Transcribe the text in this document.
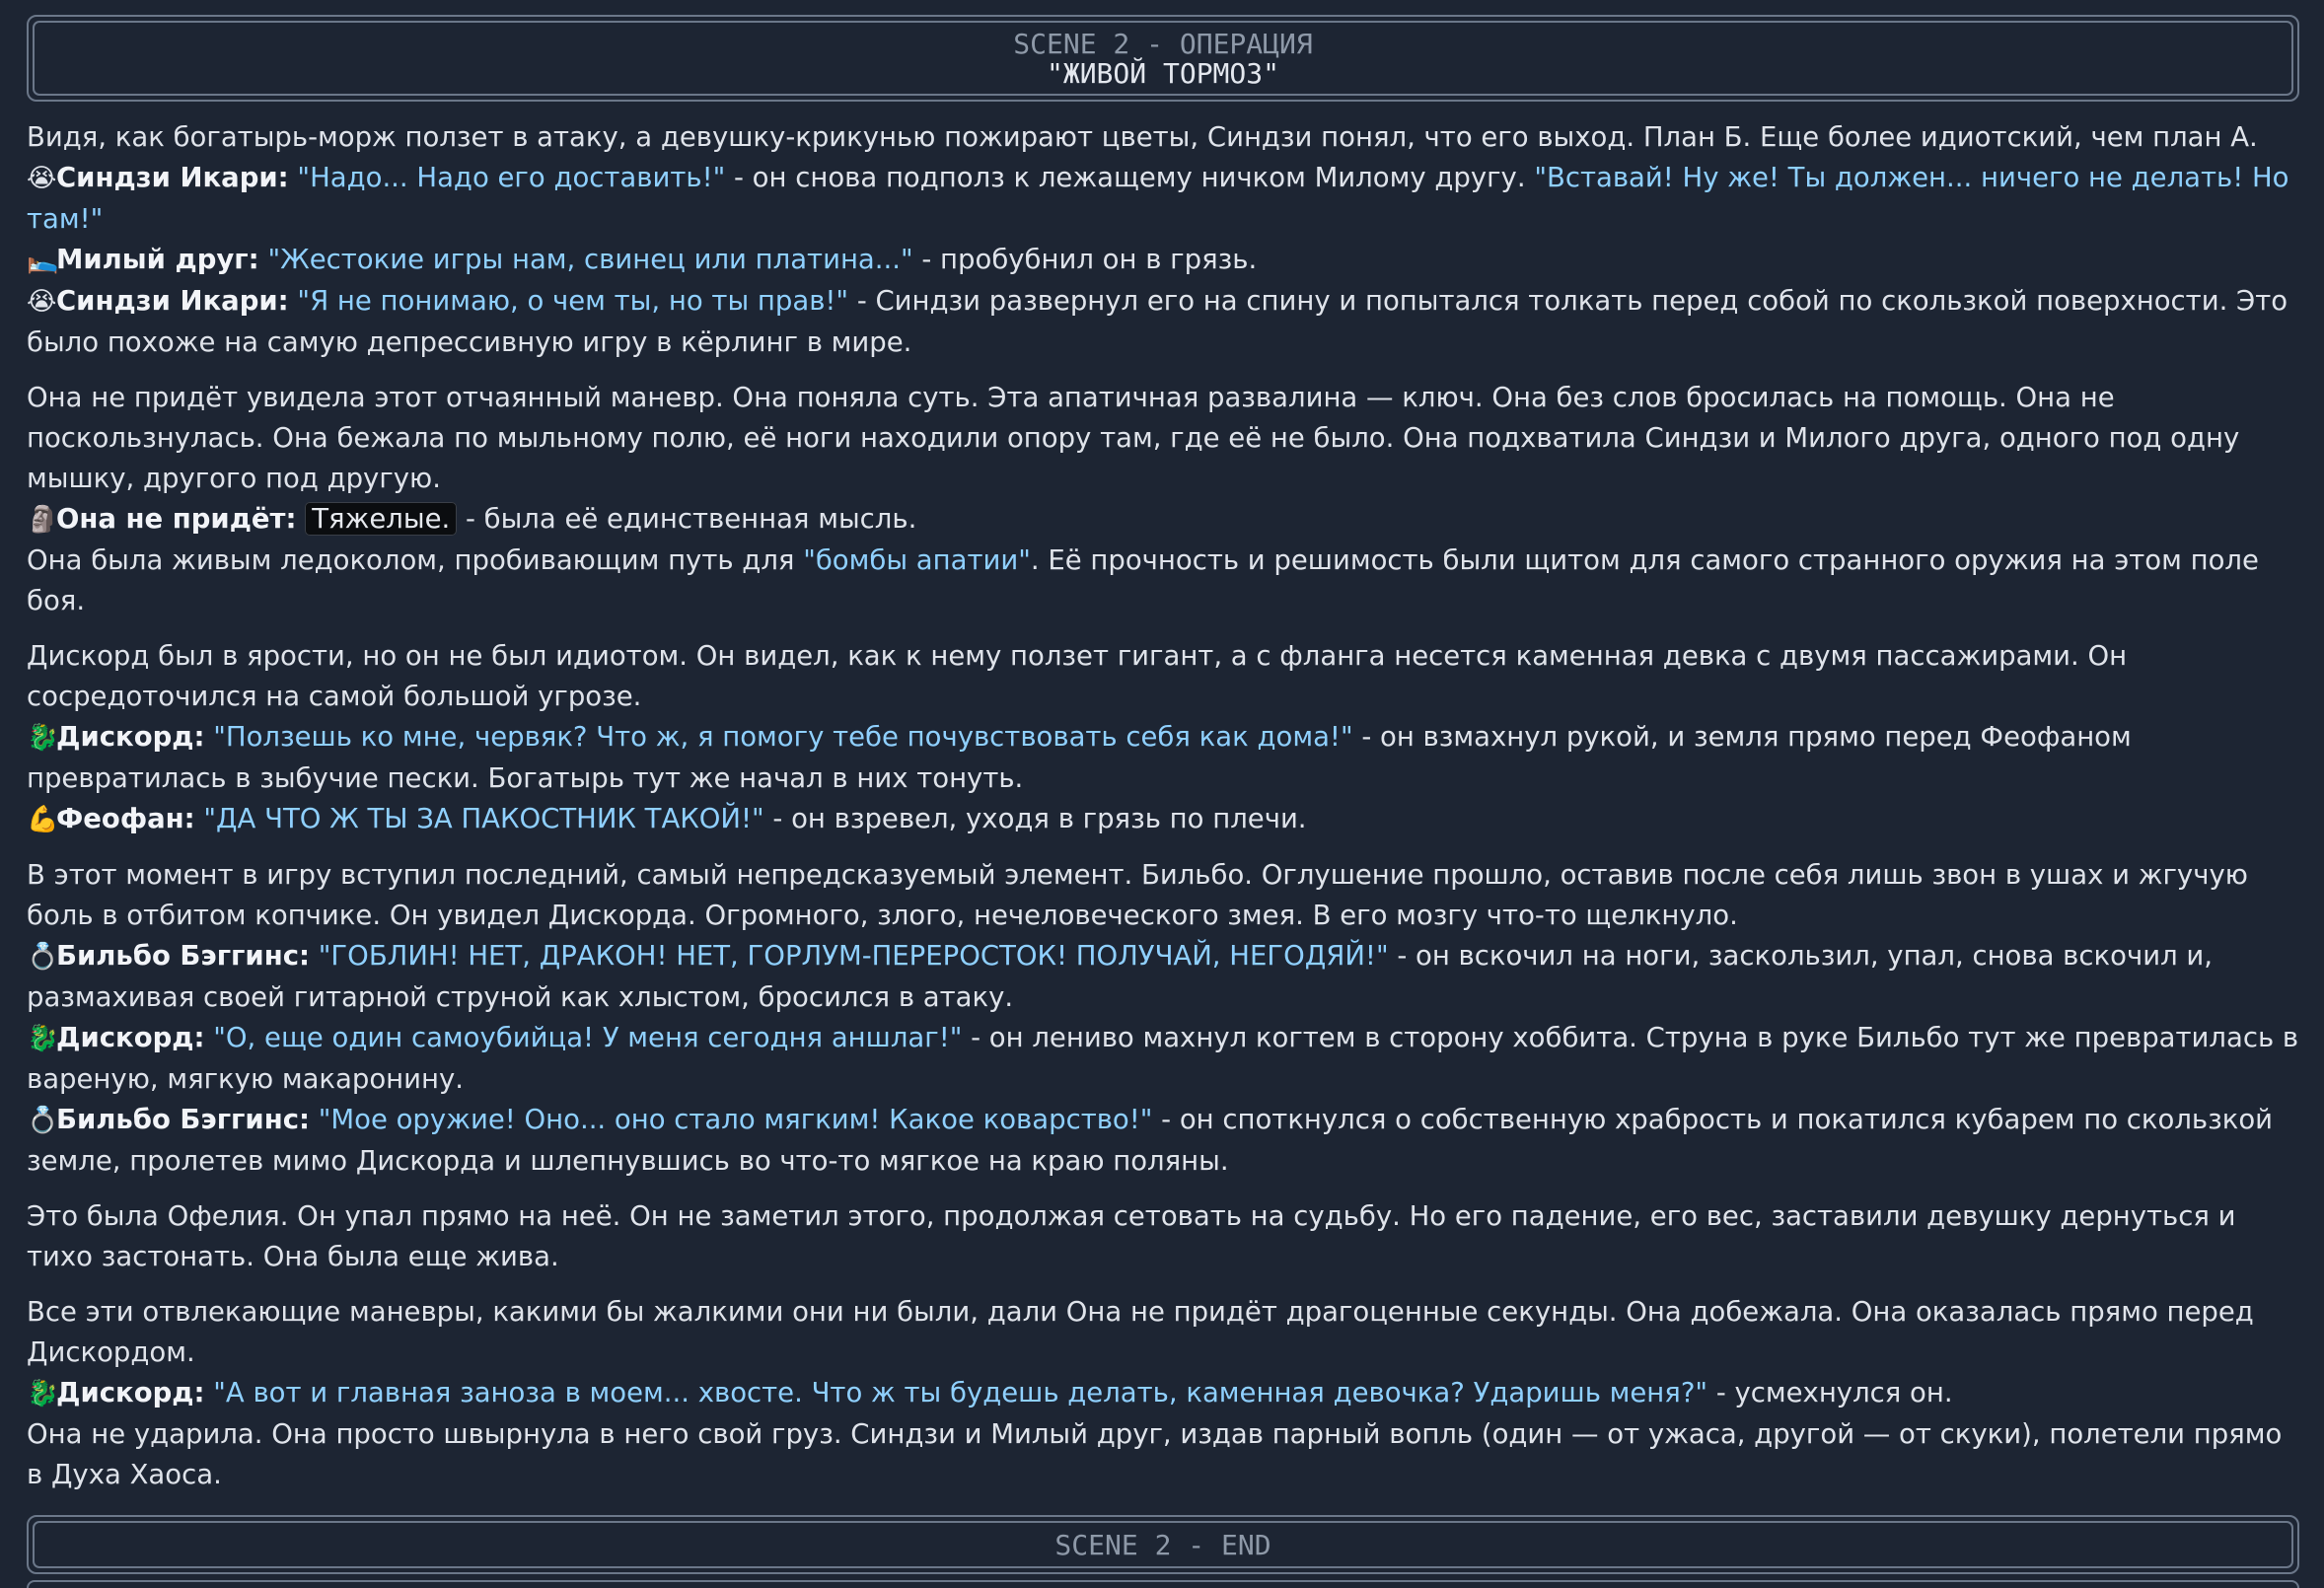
SCENE 2 - ОПЕРАЦИЯ
"ЖИВОЙ ТОРМОЗ"
Видя, как богатырь-морж ползет в атаку, а девушку-крикунью пожирают цветы, Синдзи понял, что его выход. План Б. Еще более идиотский, чем план А.
😭Синдзи Икари: "Надо... Надо его доставить!" - он снова подполз к лежащему ничком Милому другу. "Вставай! Ну же! Ты должен... ничего не делать! Но там!"
🛌Милый друг: "Жестокие игры нам, свинец или платина..." - пробубнил он в грязь.
😭Синдзи Икари: "Я не понимаю, о чем ты, но ты прав!" - Синдзи развернул его на спину и попытался толкать перед собой по скользкой поверхности. Это было похоже на самую депрессивную игру в кёрлинг в мире.
Она не придёт увидела этот отчаянный маневр. Она поняла суть. Эта апатичная развалина — ключ. Она без слов бросилась на помощь. Она не поскользнулась. Она бежала по мыльному полю, её ноги находили опору там, где её не было. Она подхватила Синдзи и Милого друга, одного под одну мышку, другого под другую.
🗿Она не придёт: Тяжелые. - была её единственная мысль.
Она была живым ледоколом, пробивающим путь для "бомбы апатии". Её прочность и решимость были щитом для самого странного оружия на этом поле боя.
Дискорд был в ярости, но он не был идиотом. Он видел, как к нему ползет гигант, а с фланга несется каменная девка с двумя пассажирами. Он сосредоточился на самой большой угрозе.
🐉Дискорд: "Ползешь ко мне, червяк? Что ж, я помогу тебе почувствовать себя как дома!" - он взмахнул рукой, и земля прямо перед Феофаном превратилась в зыбучие пески. Богатырь тут же начал в них тонуть.
💪Феофан: "ДА ЧТО Ж ТЫ ЗА ПАКОСТНИК ТАКОЙ!" - он взревел, уходя в грязь по плечи.
В этот момент в игру вступил последний, самый непредсказуемый элемент. Бильбо. Оглушение прошло, оставив после себя лишь звон в ушах и жгучую боль в отбитом копчике. Он увидел Дискорда. Огромного, злого, нечеловеческого змея. В его мозгу что-то щелкнуло.
💍Бильбо Бэггинс: "ГОБЛИН! НЕТ, ДРАКОН! НЕТ, ГОРЛУМ-ПЕРЕРОСТОК! ПОЛУЧАЙ, НЕГОДЯЙ!" - он вскочил на ноги, заскользил, упал, снова вскочил и, размахивая своей гитарной струной как хлыстом, бросился в атаку.
🐉Дискорд: "О, еще один самоубийца! У меня сегодня аншлаг!" - он лениво махнул когтем в сторону хоббита. Струна в руке Бильбо тут же превратилась в вареную, мягкую макаронину.
💍Бильбо Бэггинс: "Мое оружие! Оно... оно стало мягким! Какое коварство!" - он споткнулся о собственную храбрость и покатился кубарем по скользкой земле, пролетев мимо Дискорда и шлепнувшись во что-то мягкое на краю поляны.
Это была Офелия. Он упал прямо на неё. Он не заметил этого, продолжая сетовать на судьбу. Но его падение, его вес, заставили девушку дернуться и тихо застонать. Она была еще жива.
Все эти отвлекающие маневры, какими бы жалкими они ни были, дали Она не придёт драгоценные секунды. Она добежала. Она оказалась прямо перед Дискордом.
🐉Дискорд: "А вот и главная заноза в моем... хвосте. Что ж ты будешь делать, каменная девочка? Ударишь меня?" - усмехнулся он.
Она не ударила. Она просто швырнула в него свой груз. Синдзи и Милый друг, издав парный вопль (один — от ужаса, другой — от скуки), полетели прямо в Духа Хаоса.
SCENE 2 - END
